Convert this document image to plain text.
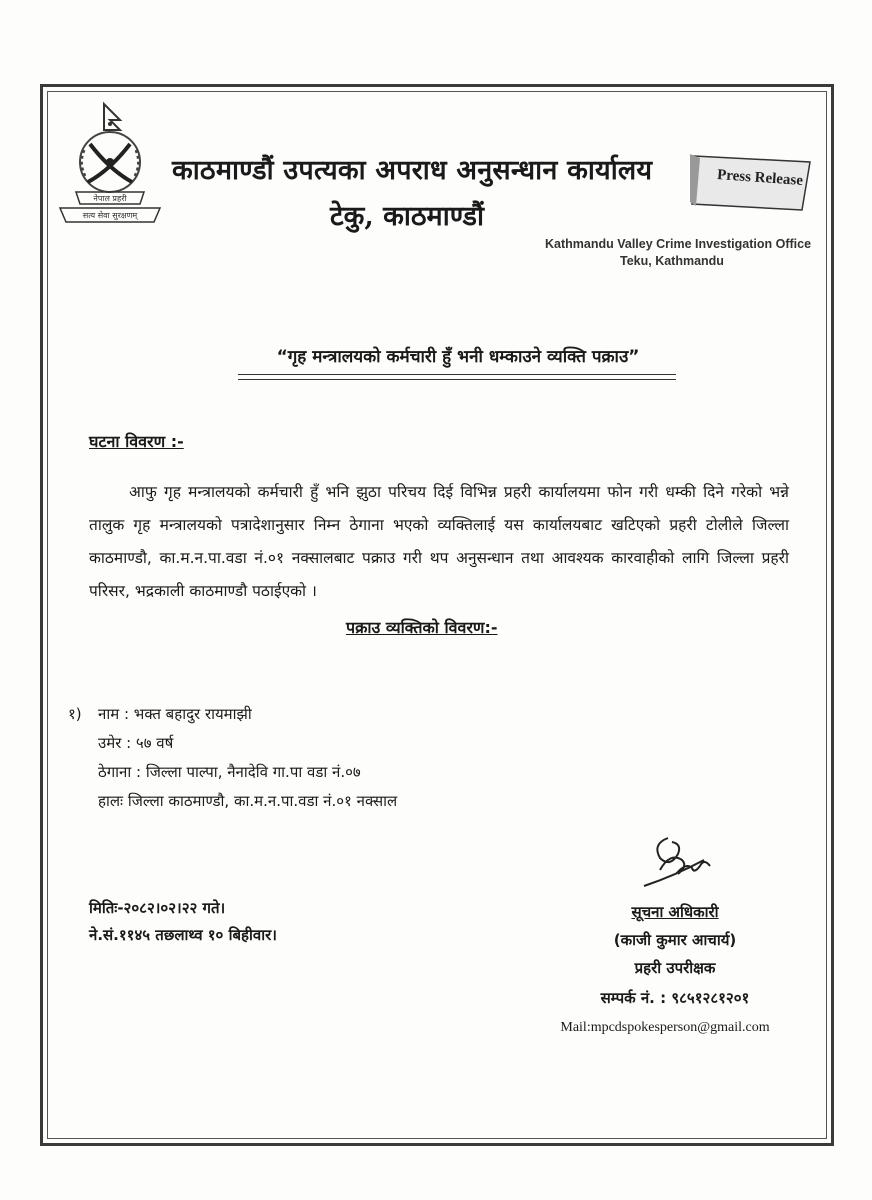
नेपाल प्रहरी
सत्य सेवा सुरक्षणम्
काठमाण्डौं उपत्यका अपराध अनुसन्धान कार्यालय
टेकु, काठमाण्डौं
Press Release
Kathmandu Valley Crime Investigation Office
Teku, Kathmandu
“गृह मन्त्रालयको कर्मचारी हुँ भनी धम्काउने व्यक्ति पक्राउ”
घटना विवरण :-
आफु गृह मन्त्रालयको कर्मचारी हुँ भनि झुठा परिचय दिई विभिन्न प्रहरी कार्यालयमा फोन गरी धम्की दिने गरेको भन्ने तालुक गृह मन्त्रालयको पत्रादेशानुसार निम्न ठेगाना भएको व्यक्तिलाई यस कार्यालयबाट खटिएको प्रहरी टोलीले जिल्ला काठमाण्डौ, का.म.न.पा.वडा नं.०१ नक्सालबाट पक्राउ गरी थप अनुसन्धान तथा आवश्यक कारवाहीको लागि जिल्ला प्रहरी परिसर, भद्रकाली काठमाण्डौ पठाईएको ।
पक्राउ व्यक्तिको विवरण:-
१) नाम : भक्त बहादुर रायमाझी
उमेर : ५७ वर्ष
ठेगाना : जिल्ला पाल्पा, नैनादेवि गा.पा वडा नं.०७
हालः जिल्ला काठमाण्डौ, का.म.न.पा.वडा नं.०१ नक्साल
मितिः-२०८२।०२।२२ गते।
ने.सं.११४५ तछलाथ्व १० बिहीवार।
सूचना अधिकारी
(काजी कुमार आचार्य)
प्रहरी उपरीक्षक
सम्पर्क नं. : ९८५१२८१२०१
Mail:mpcdspokesperson@gmail.com
